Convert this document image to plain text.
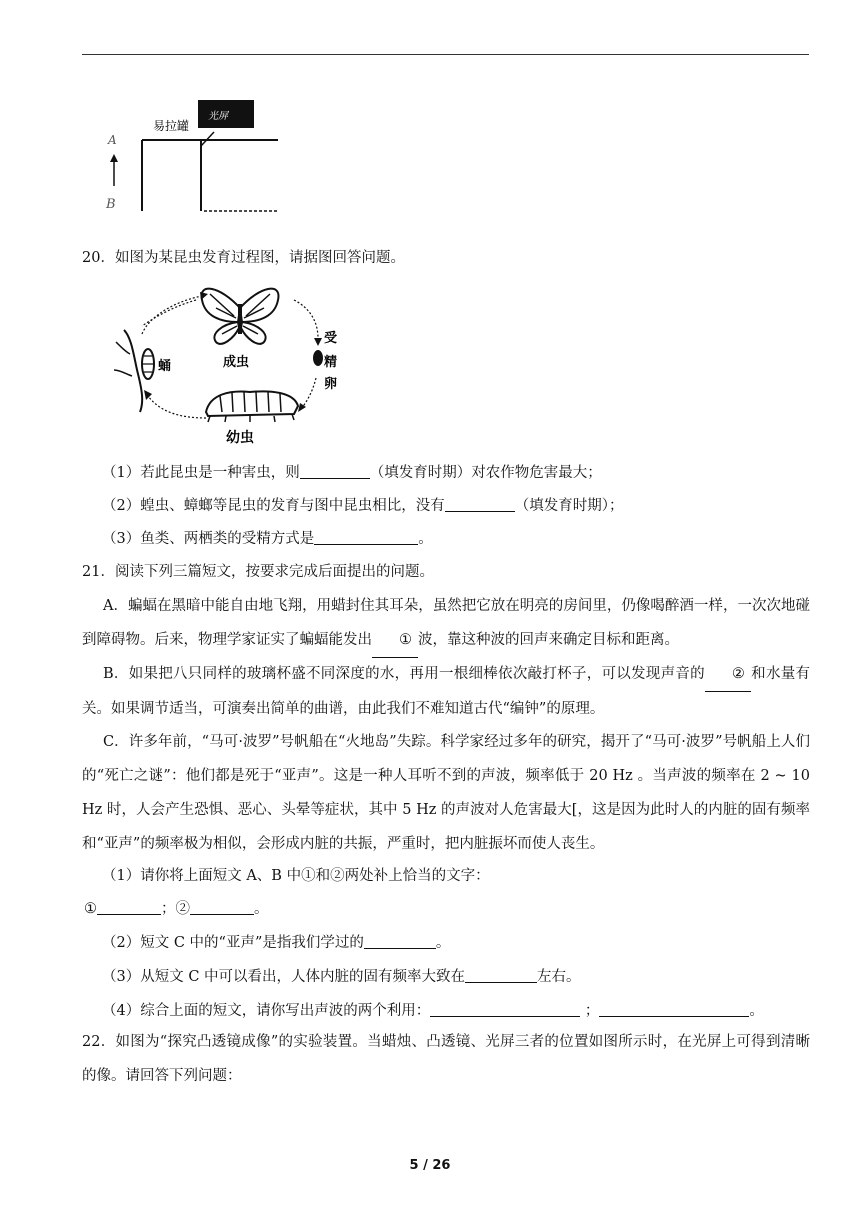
易拉罐
光屏
A
B
20．如图为某昆虫发育过程图，请据图回答问题。
成虫
受
精
卵
幼虫
蛹
（1）若此昆虫是一种害虫，则	（填发育时期）对农作物危害最大；
（2）蝗虫、蟑螂等昆虫的发育与图中昆虫相比，没有	（填发育时期）；
（3）鱼类、两栖类的受精方式是	。
21．阅读下列三篇短文，按要求完成后面提出的问题。
A．蝙蝠在黑暗中能自由地飞翔，用蜡封住其耳朵，虽然把它放在明亮的房间里，仍像喝醉酒一样，一次次地碰到障碍物。后来，物理学家证实了蝙蝠能发出 ① 波，靠这种波的回声来确定目标和距离。
B．如果把八只同样的玻璃杯盛不同深度的水，再用一根细棒依次敲打杯子，可以发现声音的 ② 和水量有关。如果调节适当，可演奏出简单的曲谱，由此我们不难知道古代“编钟”的原理。
C．许多年前，“马可·波罗”号帆船在“火地岛”失踪。科学家经过多年的研究，揭开了“马可·波罗”号帆船上人们的“死亡之谜”：他们都是死于“亚声”。这是一种人耳听不到的声波，频率低于 20 Hz 。当声波的频率在 2 ~ 10 Hz 时，人会产生恐惧、恶心、头晕等症状，其中 5 Hz 的声波对人危害最大[，这是因为此时人的内脏的固有频率和“亚声”的频率极为相似，会形成内脏的共振，严重时，把内脏振坏而使人丧生。
（1）请你将上面短文 A、B 中①和②两处补上恰当的文字：
①	；②	。
（2）短文 C 中的“亚声”是指我们学过的	。
（3）从短文 C 中可以看出，人体内脏的固有频率大致在	左右。
（4）综合上面的短文，请你写出声波的两个利用：	；	。
22．如图为“探究凸透镜成像”的实验装置。当蜡烛、凸透镜、光屏三者的位置如图所示时，在光屏上可得到清晰的像。请回答下列问题：
5 / 26
